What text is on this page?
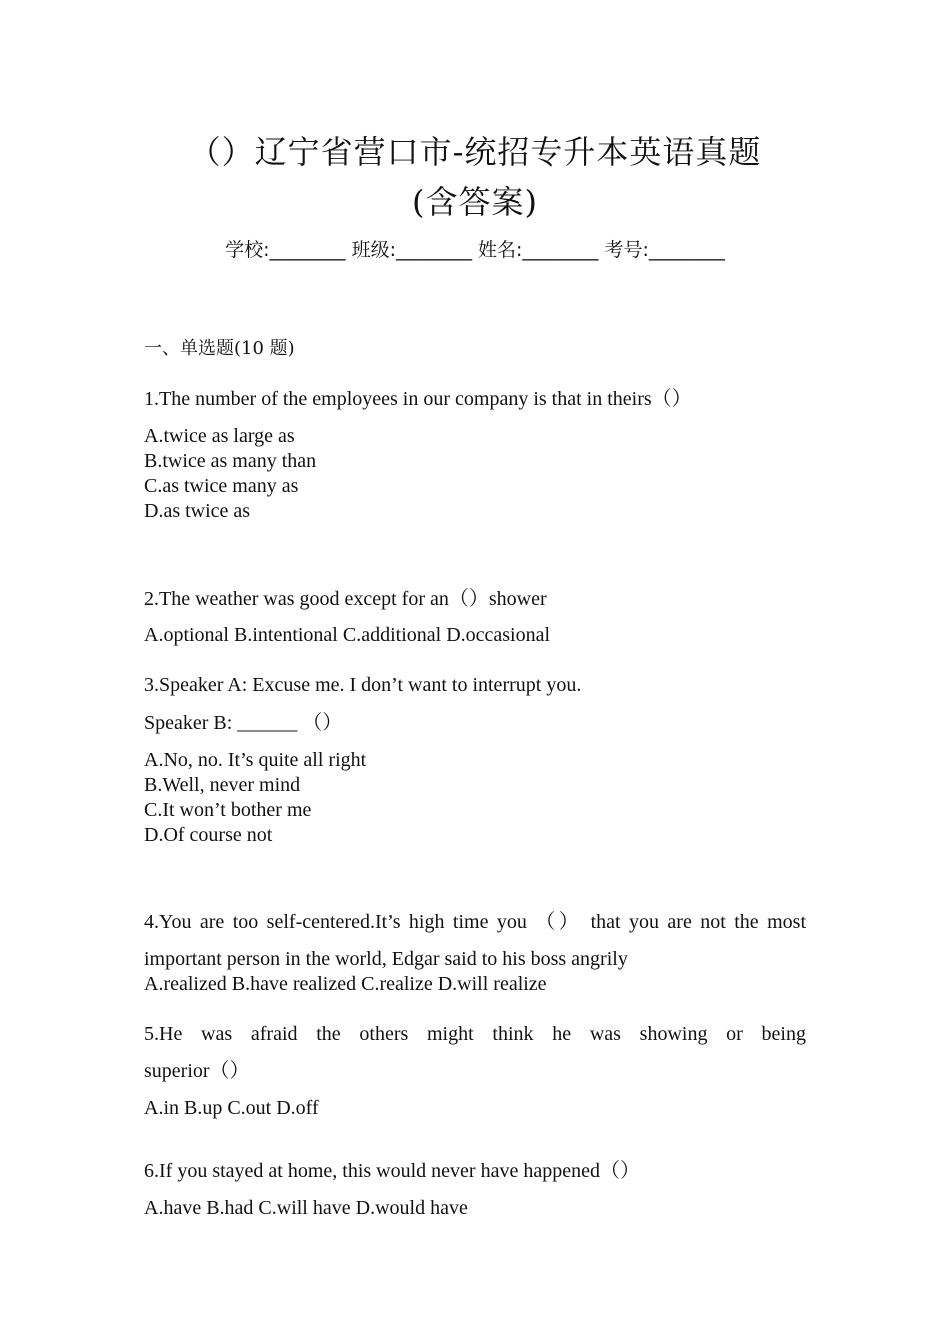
（）辽宁省营口市-统招专升本英语真题
(含答案)
学校:________ 班级:________ 姓名:________ 考号:________
一、单选题(10 题)
1.The number of the employees in our company is that in theirs（）
A.twice as large as
B.twice as many than
C.as twice many as
D.as twice as
2.The weather was good except for an（）shower
A.optional B.intentional C.additional D.occasional
3.Speaker A: Excuse me. I don’t want to interrupt you.
Speaker B: ______ （）
A.No, no. It’s quite all right
B.Well, never mind
C.It won’t bother me
D.Of course not
4.You are too self-centered.It’s high time you （） that you are not the most
important person in the world, Edgar said to his boss angrily
A.realized B.have realized C.realize D.will realize
5.He was afraid the others might think he was showing or being
superior（）
A.in B.up C.out D.off
6.If you stayed at home, this would never have happened（）
A.have B.had C.will have D.would have
